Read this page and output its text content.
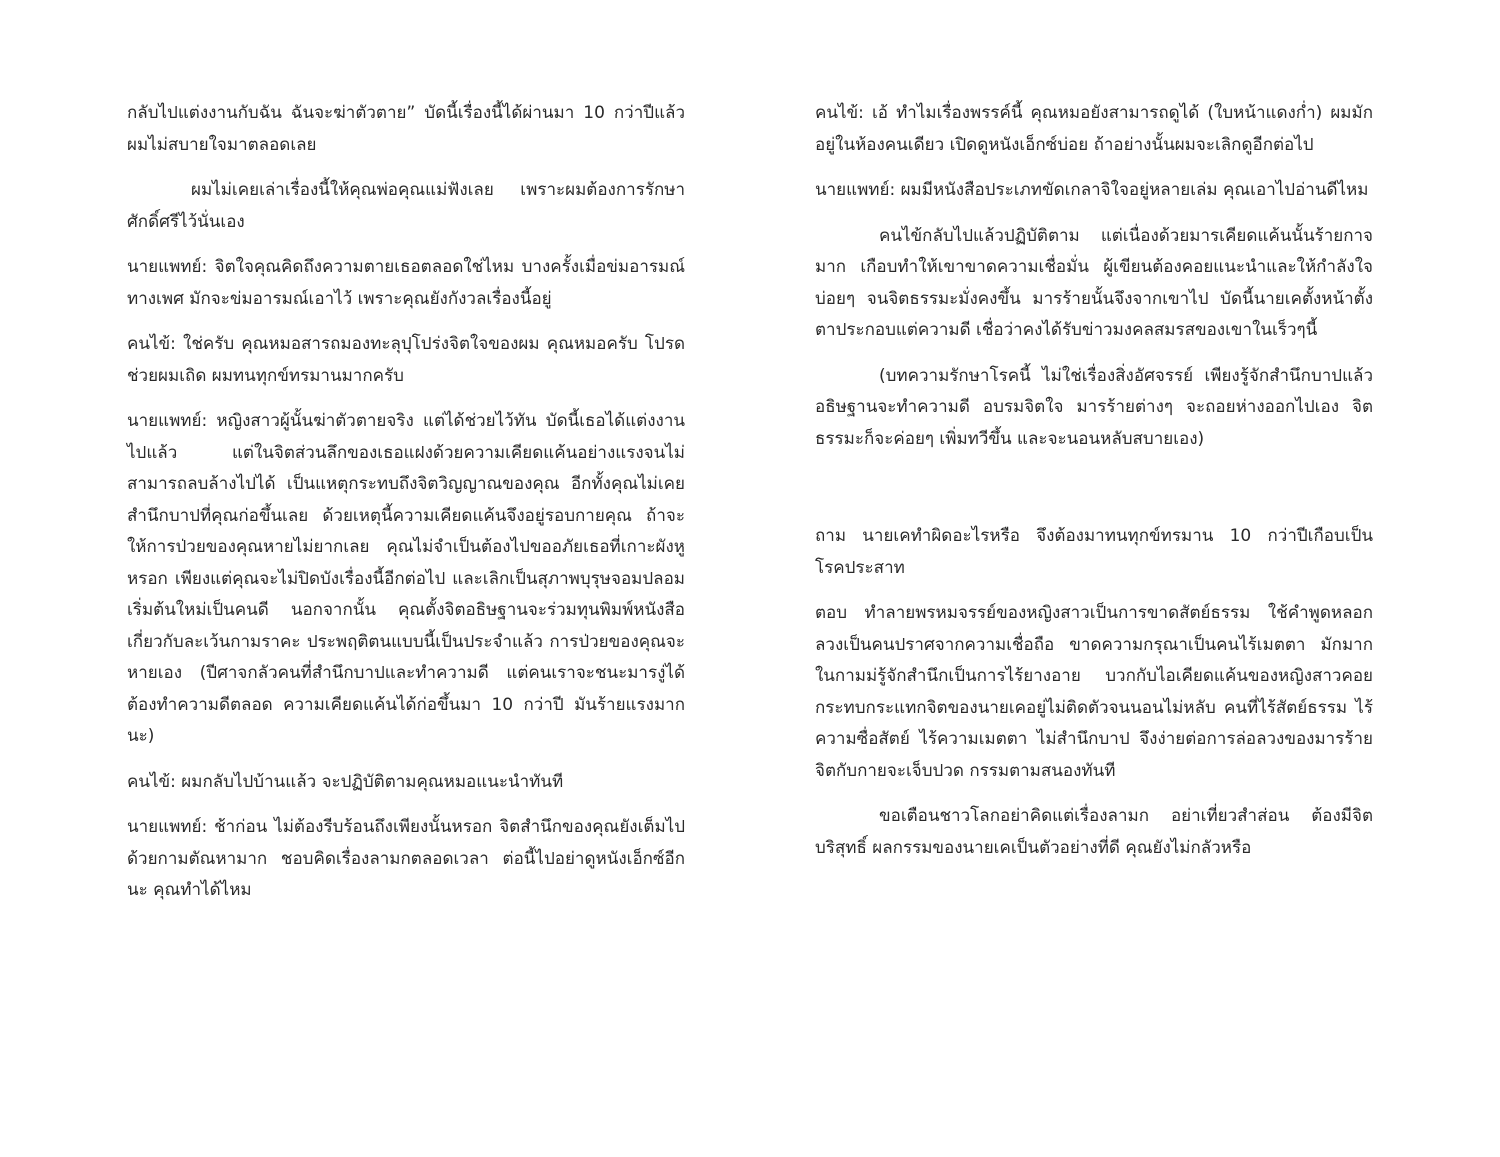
กลับไปแต่งงานกับฉัน ฉันจะฆ่าตัวตาย” บัดนี้เรื่องนี้ได้ผ่านมา 10 กว่าปีแล้ว ผมไม่สบายใจมาตลอดเลย

ผมไม่เคยเล่าเรื่องนี้ให้คุณพ่อคุณแม่ฟังเลย เพราะผมต้องการรักษาศักดิ์ศรีไว้นั่นเอง

นายแพทย์: จิตใจคุณคิดถึงความตายเธอตลอดใช่ไหม บางครั้งเมื่อข่มอารมณ์ทางเพศ มักจะข่มอารมณ์เอาไว้ เพราะคุณยังกังวลเรื่องนี้อยู่

คนไข้: ใช่ครับ คุณหมอสารถมองทะลุปุโปร่งจิตใจของผม คุณหมอครับ โปรดช่วยผมเถิด ผมทนทุกข์ทรมานมากครับ

นายแพทย์: หญิงสาวผู้นั้นฆ่าตัวตายจริง แต่ได้ช่วยไว้ทัน บัดนี้เธอได้แต่งงานไปแล้ว แต่ในจิตส่วนลึกของเธอแฝงด้วยความเคียดแค้นอย่างแรงจนไม่สามารถลบล้างไปได้ เป็นแหตุกระทบถึงจิตวิญญาณของคุณ อีกทั้งคุณไม่เคยสำนึกบาปที่คุณก่อขึ้นเลย ด้วยเหตุนี้ความเคียดแค้นจึงอยู่รอบกายคุณ ถ้าจะให้การป่วยของคุณหายไม่ยากเลย คุณไม่จำเป็นต้องไปขออภัยเธอที่เกาะผังหูหรอก เพียงแต่คุณจะไม่ปิดบังเรื่องนี้อีกต่อไป และเลิกเป็นสุภาพบุรุษจอมปลอม เริ่มต้นใหม่เป็นคนดี นอกจากนั้น คุณตั้งจิตอธิษฐานจะร่วมทุนพิมพ์หนังสือเกี่ยวกับละเว้นกามราคะ ประพฤติตนแบบนี้เป็นประจำแล้ว การป่วยของคุณจะหายเอง (ปีศาจกลัวคนที่สำนึกบาปและทำความดี แต่คนเราจะชนะมารงู่ได้ ต้องทำความดีตลอด ความเคียดแค้นได้ก่อขึ้นมา 10 กว่าปี มันร้ายแรงมากนะ)

คนไข้: ผมกลับไปบ้านแล้ว จะปฏิบัติตามคุณหมอแนะนำทันที

นายแพทย์: ช้าก่อน ไม่ต้องรีบร้อนถึงเพียงนั้นหรอก จิตสำนึกของคุณยังเต็มไปด้วยกามตัณหามาก ชอบคิดเรื่องลามกตลอดเวลา ต่อนี้ไปอย่าดูหนังเอ็กซ์อีกนะ คุณทำได้ไหม

คนไข้: เอ้ ทำไมเรื่องพรรค์นี้ คุณหมอยังสามารถดูได้ (ใบหน้าแดงก่ำ) ผมมักอยู่ในห้องคนเดียว เปิดดูหนังเอ็กซ์บ่อย ถ้าอย่างนั้นผมจะเลิกดูอีกต่อไป

นายแพทย์: ผมมีหนังสือประเภทขัดเกลาจิใจอยู่หลายเล่ม คุณเอาไปอ่านดีไหม

คนไข้กลับไปแล้วปฏิบัติตาม แต่เนื่องด้วยมารเคียดแค้นนั้นร้ายกาจมาก เกือบทำให้เขาขาดความเชื่อมั่น ผู้เขียนต้องคอยแนะนำและให้กำลังใจบ่อยๆ จนจิตธรรมะมั่งคงขึ้น มารร้ายนั้นจึงจากเขาไป บัดนี้นายเคตั้งหน้าตั้งตาประกอบแต่ความดี เชื่อว่าคงได้รับข่าวมงคลสมรสของเขาในเร็วๆนี้

(บทความรักษาโรคนี้ ไม่ใช่เรื่องสิ่งอัศจรรย์ เพียงรู้จักสำนึกบาปแล้วอธิษฐานจะทำความดี อบรมจิตใจ มารร้ายต่างๆ จะถอยห่างออกไปเอง จิตธรรมะก็จะค่อยๆ เพิ่มทวีขึ้น และจะนอนหลับสบายเอง)

ถาม นายเคทำผิดอะไรหรือ จึงต้องมาทนทุกข์ทรมาน 10 กว่าปีเกือบเป็นโรคประสาท

ตอบ ทำลายพรหมจรรย์ของหญิงสาวเป็นการขาดสัตย์ธรรม ใช้คำพูดหลอกลวงเป็นคนปราศจากความเชื่อถือ ขาดความกรุณาเป็นคนไร้เมตตา มักมากในกามม่รู้จักสำนึกเป็นการไร้ยางอาย บวกกับไอเคียดแค้นของหญิงสาวคอยกระทบกระแทกจิตของนายเคอยู่ไม่ติดตัวจนนอนไม่หลับ คนที่ไร้สัตย์ธรรม ไร้ความซื่อสัตย์ ไร้ความเมตตา ไม่สำนึกบาป จึงง่ายต่อการล่อลวงของมารร้าย จิตกับกายจะเจ็บปวด กรรมตามสนองทันที

ขอเตือนชาวโลกอย่าคิดแต่เรื่องลามก อย่าเที่ยวสำส่อน ต้องมีจิตบริสุทธิ์ ผลกรรมของนายเคเป็นตัวอย่างที่ดี คุณยังไม่กลัวหรือ
